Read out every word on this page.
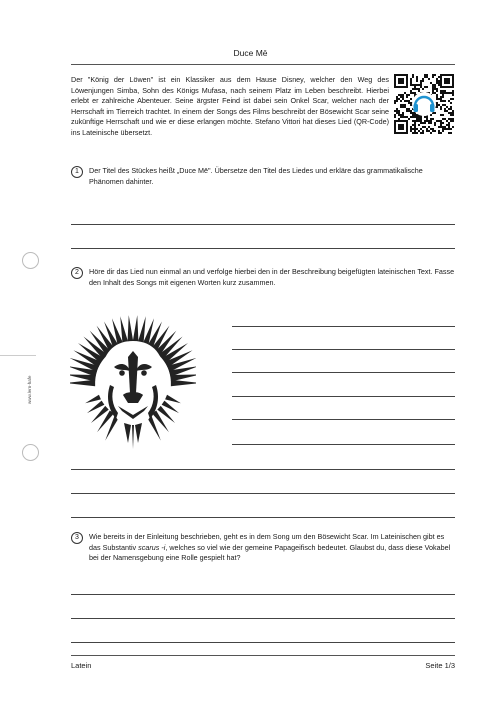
Duce Mē
Der "König der Löwen" ist ein Klassiker aus dem Hause Disney, welcher den Weg des Löwenjungen Simba, Sohn des Königs Mufasa, nach seinem Platz im Leben beschreibt. Hierbei erlebt er zahlreiche Abenteuer. Seine ärgster Feind ist dabei sein Onkel Scar, welcher nach der Herrschaft im Tierreich trachtet. In einem der Songs des Films beschreibt der Bösewicht Scar seine zukünftige Herrschaft und wie er diese erlangen möchte. Stefano Vittori hat dieses Lied (QR-Code) ins Lateinische übersetzt.
1	Der Titel des Stückes heißt „Duce Mē". Übersetze den Titel des Liedes und erkläre das grammatikalische Phänomen dahinter.
2	Höre dir das Lied nun einmal an und verfolge hierbei den in der Beschreibung beigefügten lateinischen Text. Fasse den Inhalt des Songs mit eigenen Worten kurz zusammen.
3	Wie bereits in der Einleitung beschrieben, geht es in dem Song um den Bösewicht Scar. Im Lateinischen gibt es das Substantiv scarus -i, welches so viel wie der gemeine Papageifisch bedeutet. Glaubst du, dass diese Vokabel bei der Namensgebung eine Rolle gespielt hat?
www.lern-hafe
Latein	Seite 1/3
